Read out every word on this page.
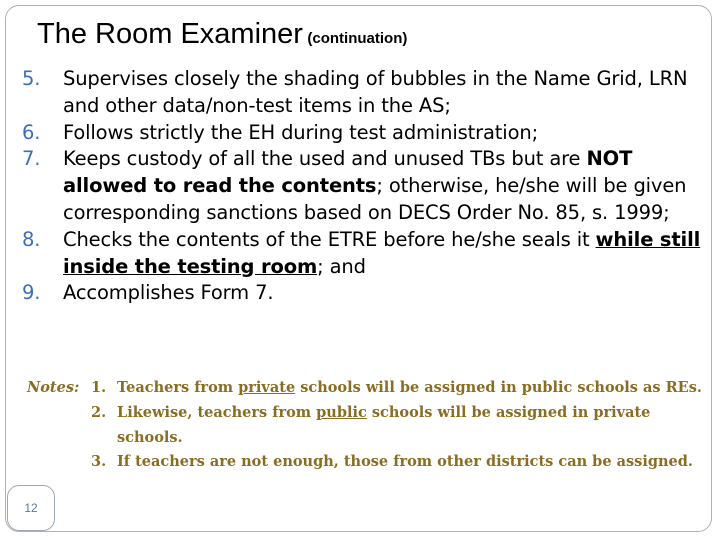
The Room Examiner (continuation)
5.	Supervises closely the shading of bubbles in the Name Grid, LRN and other data/non-test items in the AS;
6.	Follows strictly the EH during test administration;
7.	Keeps custody of all the used and unused TBs but are NOT allowed to read the contents; otherwise, he/she will be given corresponding sanctions based on DECS Order No. 85, s. 1999;
8.	Checks the contents of the ETRE before he/she seals it while still inside the testing room; and
9.	Accomplishes Form 7.
Notes: 1. Teachers from private schools will be assigned in public schools as REs.
2. Likewise, teachers from public schools will be assigned in private schools.
3. If teachers are not enough, those from other districts can be assigned.
12
